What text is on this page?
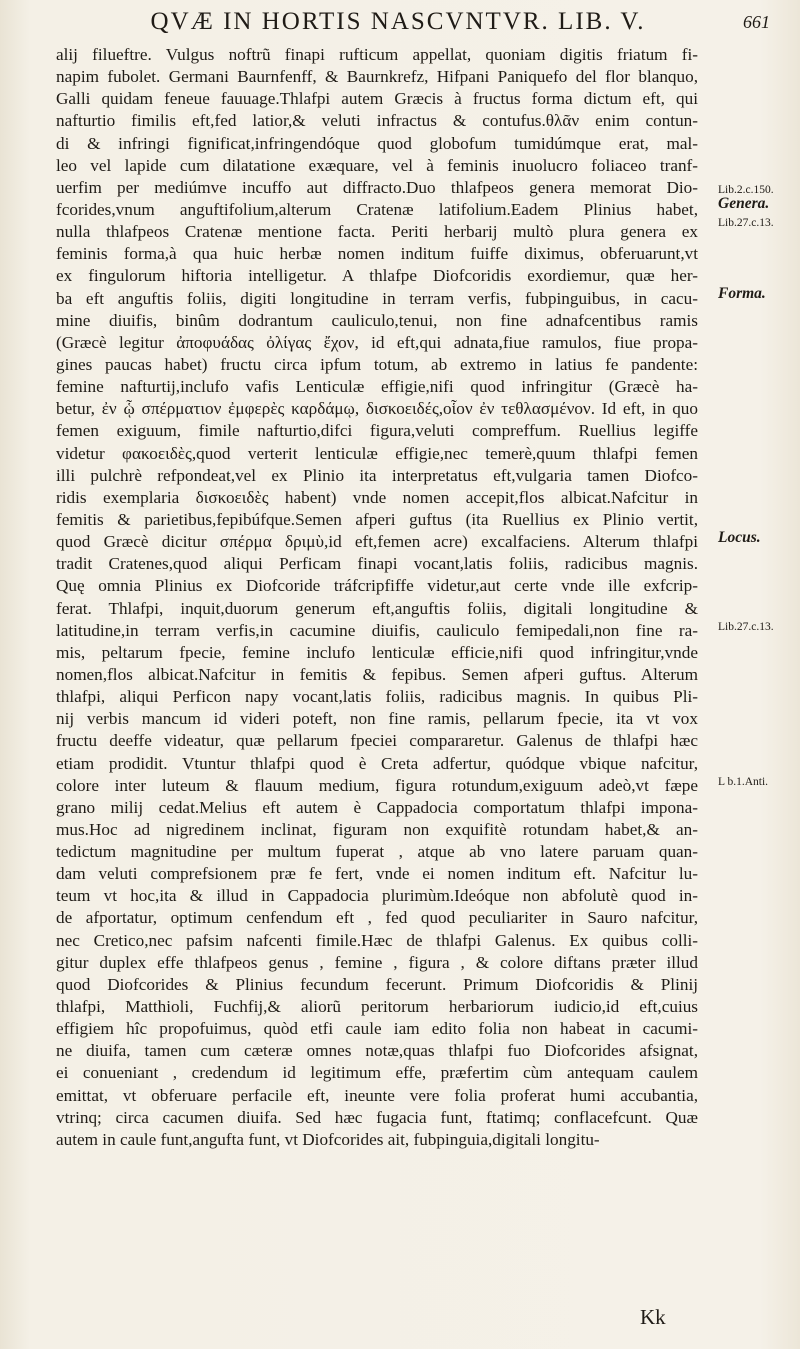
QVÆ IN HORTIS NASCVNTVR. LIB. V.	661
alij filueftre. Vulgus noftrũ finapi rufticum appellat, quoniam digitis friatum fi-
napim fubolet. Germani Baurnfenff, & Baurnkrefz, Hifpani Paniquefo del flor blanquo,
Galli quidam feneue fauuage.Thlafpi autem Græcis à fructus forma dictum eft, qui
nafturtio fimilis eft,fed latior,& veluti infractus & contufus.θλᾶν enim contun-
di & infringi fignificat,infringendóque quod globofum tumidúmque erat, mal-
leo vel lapide cum dilatatione exæquare, vel à feminis inuolucro foliaceo tranf-
uerfim per mediúmve incuffo aut diffracto.Duo thlafpeos genera memorat Dio-
fcorides,vnum anguftifolium,alterum Cratenæ latifolium.Eadem Plinius habet,
nulla thlafpeos Cratenæ mentione facta. Periti herbarij multò plura genera ex
feminis forma,à qua huic herbæ nomen inditum fuiffe diximus, obferuarunt,vt
ex fingulorum hiftoria intelligetur. A thlafpe Diofcoridis exordiemur, quæ her-
ba eft anguftis foliis, digiti longitudine in terram verfis, fubpinguibus, in cacu-
mine diuifis, binûm dodrantum cauliculo,tenui, non fine adnafcentibus ramis
(Græcè legitur ἀποφυάδας ὀλίγας ἔχον, id eft,qui adnata,fiue ramulos, fiue propa-
gines paucas habet) fructu circa ipfum totum, ab extremo in latius fe pandente:
femine nafturtij,inclufo vafis Lenticulæ effigie,nifi quod infringitur (Græcè ha-
betur, ἐν ᾧ σπέρματιον ἐμφερὲς καρδάμῳ, δισκοειδές,οἷον ἐν τεθλασμένον. Id eft, in quo
femen exiguum, fimile nafturtio,difci figura,veluti compreffum. Ruellius legiffe
videtur φακοειδὲς,quod verterit lenticulæ effigie,nec temerè,quum thlafpi femen
illi pulchrè refpondeat,vel ex Plinio ita interpretatus eft,vulgaria tamen Diofco-
ridis exemplaria δισκοειδὲς habent) vnde nomen accepit,flos albicat.Nafcitur in
femitis & parietibus,fepibúfque.Semen afperi guftus (ita Ruellius ex Plinio vertit,
quod Græcè dicitur σπέρμα δριμὺ,id eft,femen acre) excalfaciens. Alterum thlafpi
tradit Cratenes,quod aliqui Perficam finapi vocant,latis foliis, radicibus magnis.
Quę omnia Plinius ex Diofcoride tráfcripfiffe videtur,aut certe vnde ille exfcrip-
ferat. Thlafpi, inquit,duorum generum eft,anguftis foliis, digitali longitudine &
latitudine,in terram verfis,in cacumine diuifis, cauliculo femipedali,non fine ra-
mis, peltarum fpecie, femine inclufo lenticulæ efficie,nifi quod infringitur,vnde
nomen,flos albicat.Nafcitur in femitis & fepibus. Semen afperi guftus. Alterum
thlafpi, aliqui Perficon napy vocant,latis foliis, radicibus magnis. In quibus Pli-
nij verbis mancum id videri poteft, non fine ramis, pellarum fpecie, ita vt vox
fructu deeffe videatur, quæ pellarum fpeciei compararetur. Galenus de thlafpi hæc
etiam prodidit. Vtuntur thlafpi quod è Creta adfertur, quódque vbique nafcitur,
colore inter luteum & flauum medium, figura rotundum,exiguum adeò,vt fæpe
grano milij cedat.Melius eft autem è Cappadocia comportatum thlafpi impona-
mus.Hoc ad nigredinem inclinat, figuram non exquifitè rotundam habet,& an-
tedictum magnitudine per multum fuperat , atque ab vno latere paruam quan-
dam veluti comprefsionem præ fe fert, vnde ei nomen inditum eft. Nafcitur lu-
teum vt hoc,ita & illud in Cappadocia plurimùm.Ideóque non abfolutè quod in-
de afportatur, optimum cenfendum eft , fed quod peculiariter in Sauro nafcitur,
nec Cretico,nec pafsim nafcenti fimile.Hæc de thlafpi Galenus. Ex quibus colli-
gitur duplex effe thlafpeos genus , femine , figura , & colore diftans præter illud
quod Diofcorides & Plinius fecundum fecerunt. Primum Diofcoridis & Plinij
thlafpi, Matthioli, Fuchfij,& aliorũ peritorum herbariorum iudicio,id eft,cuius
effigiem hîc propofuimus, quòd etfi caule iam edito folia non habeat in cacumi-
ne diuifa, tamen cum cæteræ omnes notæ,quas thlafpi fuo Diofcorides afsignat,
ei conueniant , credendum id legitimum effe, præfertim cùm antequam caulem
emittat, vt obferuare perfacile eft, ineunte vere folia proferat humi accubantia,
vtrinq; circa cacumen diuifa. Sed hæc fugacia funt, ftatimq; conflacefcunt. Quæ
autem in caule funt,angufta funt, vt Diofcorides ait, fubpinguia,digitali longitu-
Lib.2.c.150.
Genera.
Lib.27.c.13.
Forma.
Locus.
Lib.27.c.13.
L b.1.Anti.
Kk
